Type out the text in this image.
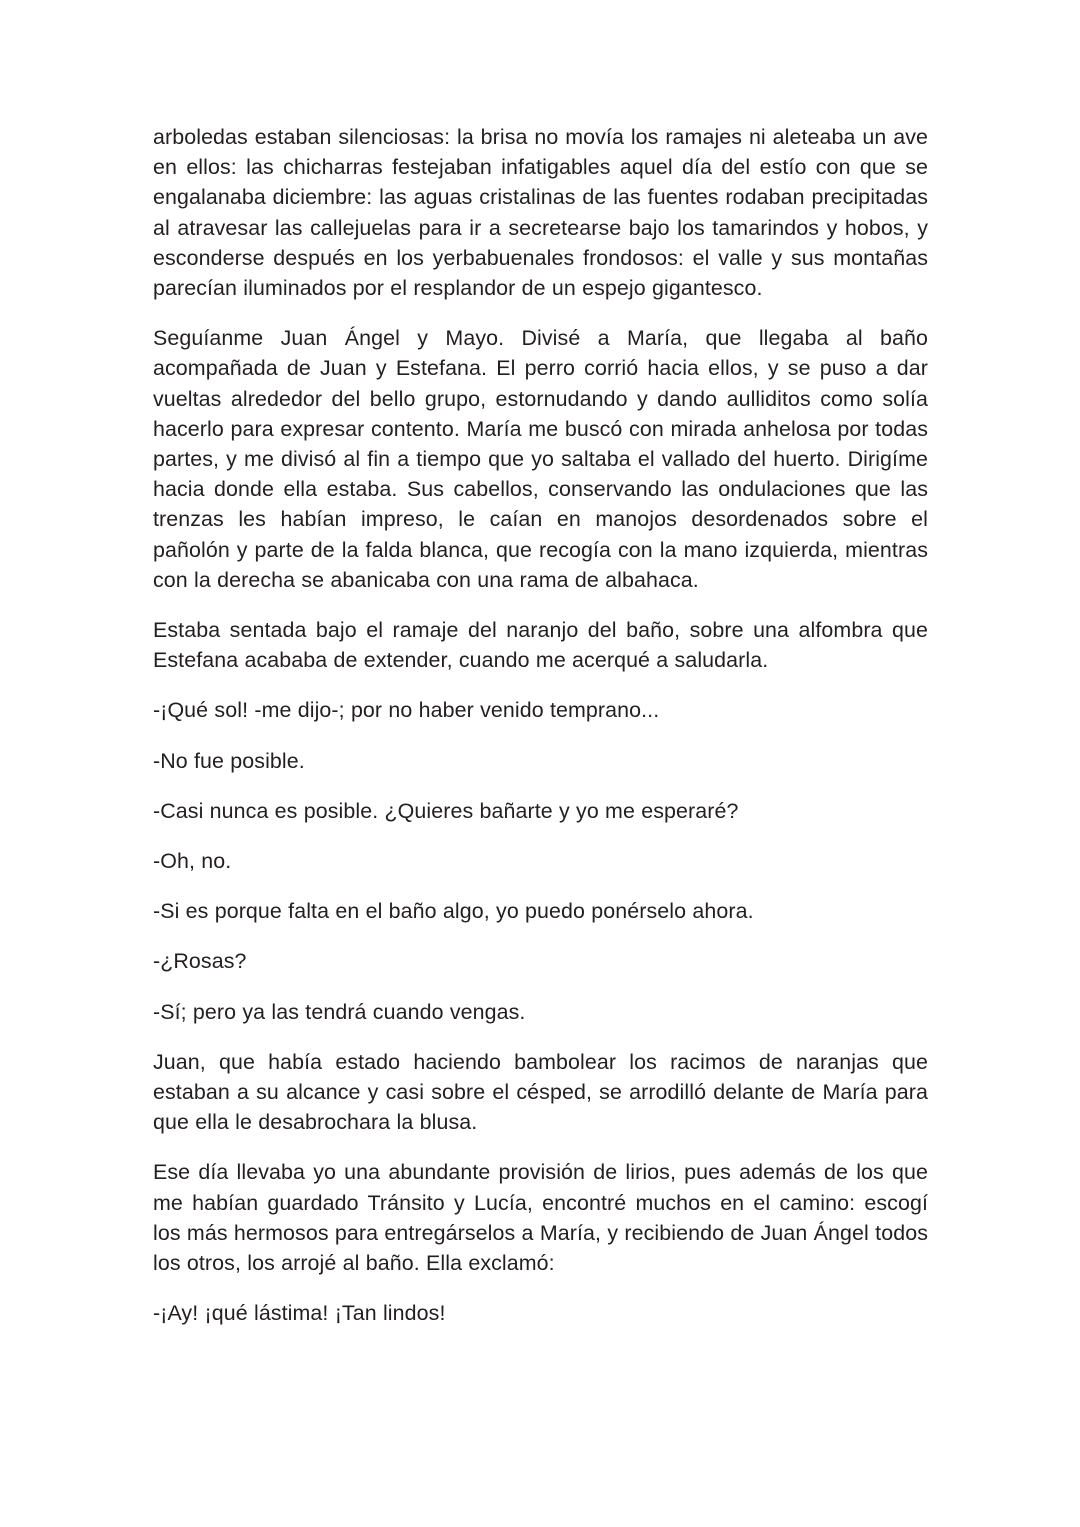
arboledas estaban silenciosas: la brisa no movía los ramajes ni aleteaba un ave en ellos: las chicharras festejaban infatigables aquel día del estío con que se engalanaba diciembre: las aguas cristalinas de las fuentes rodaban precipitadas al atravesar las callejuelas para ir a secretearse bajo los tamarindos y hobos, y esconderse después en los yerbabuenales frondosos: el valle y sus montañas parecían iluminados por el resplandor de un espejo gigantesco.

Seguíanme Juan Ángel y Mayo. Divisé a María, que llegaba al baño acompañada de Juan y Estefana. El perro corrió hacia ellos, y se puso a dar vueltas alrededor del bello grupo, estornudando y dando aulliditos como solía hacerlo para expresar contento. María me buscó con mirada anhelosa por todas partes, y me divisó al fin a tiempo que yo saltaba el vallado del huerto. Dirigíme hacia donde ella estaba. Sus cabellos, conservando las ondulaciones que las trenzas les habían impreso, le caían en manojos desordenados sobre el pañolón y parte de la falda blanca, que recogía con la mano izquierda, mientras con la derecha se abanicaba con una rama de albahaca.

Estaba sentada bajo el ramaje del naranjo del baño, sobre una alfombra que Estefana acababa de extender, cuando me acerqué a saludarla.

-¡Qué sol! -me dijo-; por no haber venido temprano...

-No fue posible.

-Casi nunca es posible. ¿Quieres bañarte y yo me esperaré?

-Oh, no.

-Si es porque falta en el baño algo, yo puedo ponérselo ahora.

-¿Rosas?

-Sí; pero ya las tendrá cuando vengas.

Juan, que había estado haciendo bambolear los racimos de naranjas que estaban a su alcance y casi sobre el césped, se arrodilló delante de María para que ella le desabrochara la blusa.

Ese día llevaba yo una abundante provisión de lirios, pues además de los que me habían guardado Tránsito y Lucía, encontré muchos en el camino: escogí los más hermosos para entregárselos a María, y recibiendo de Juan Ángel todos los otros, los arrojé al baño. Ella exclamó:

-¡Ay! ¡qué lástima! ¡Tan lindos!
